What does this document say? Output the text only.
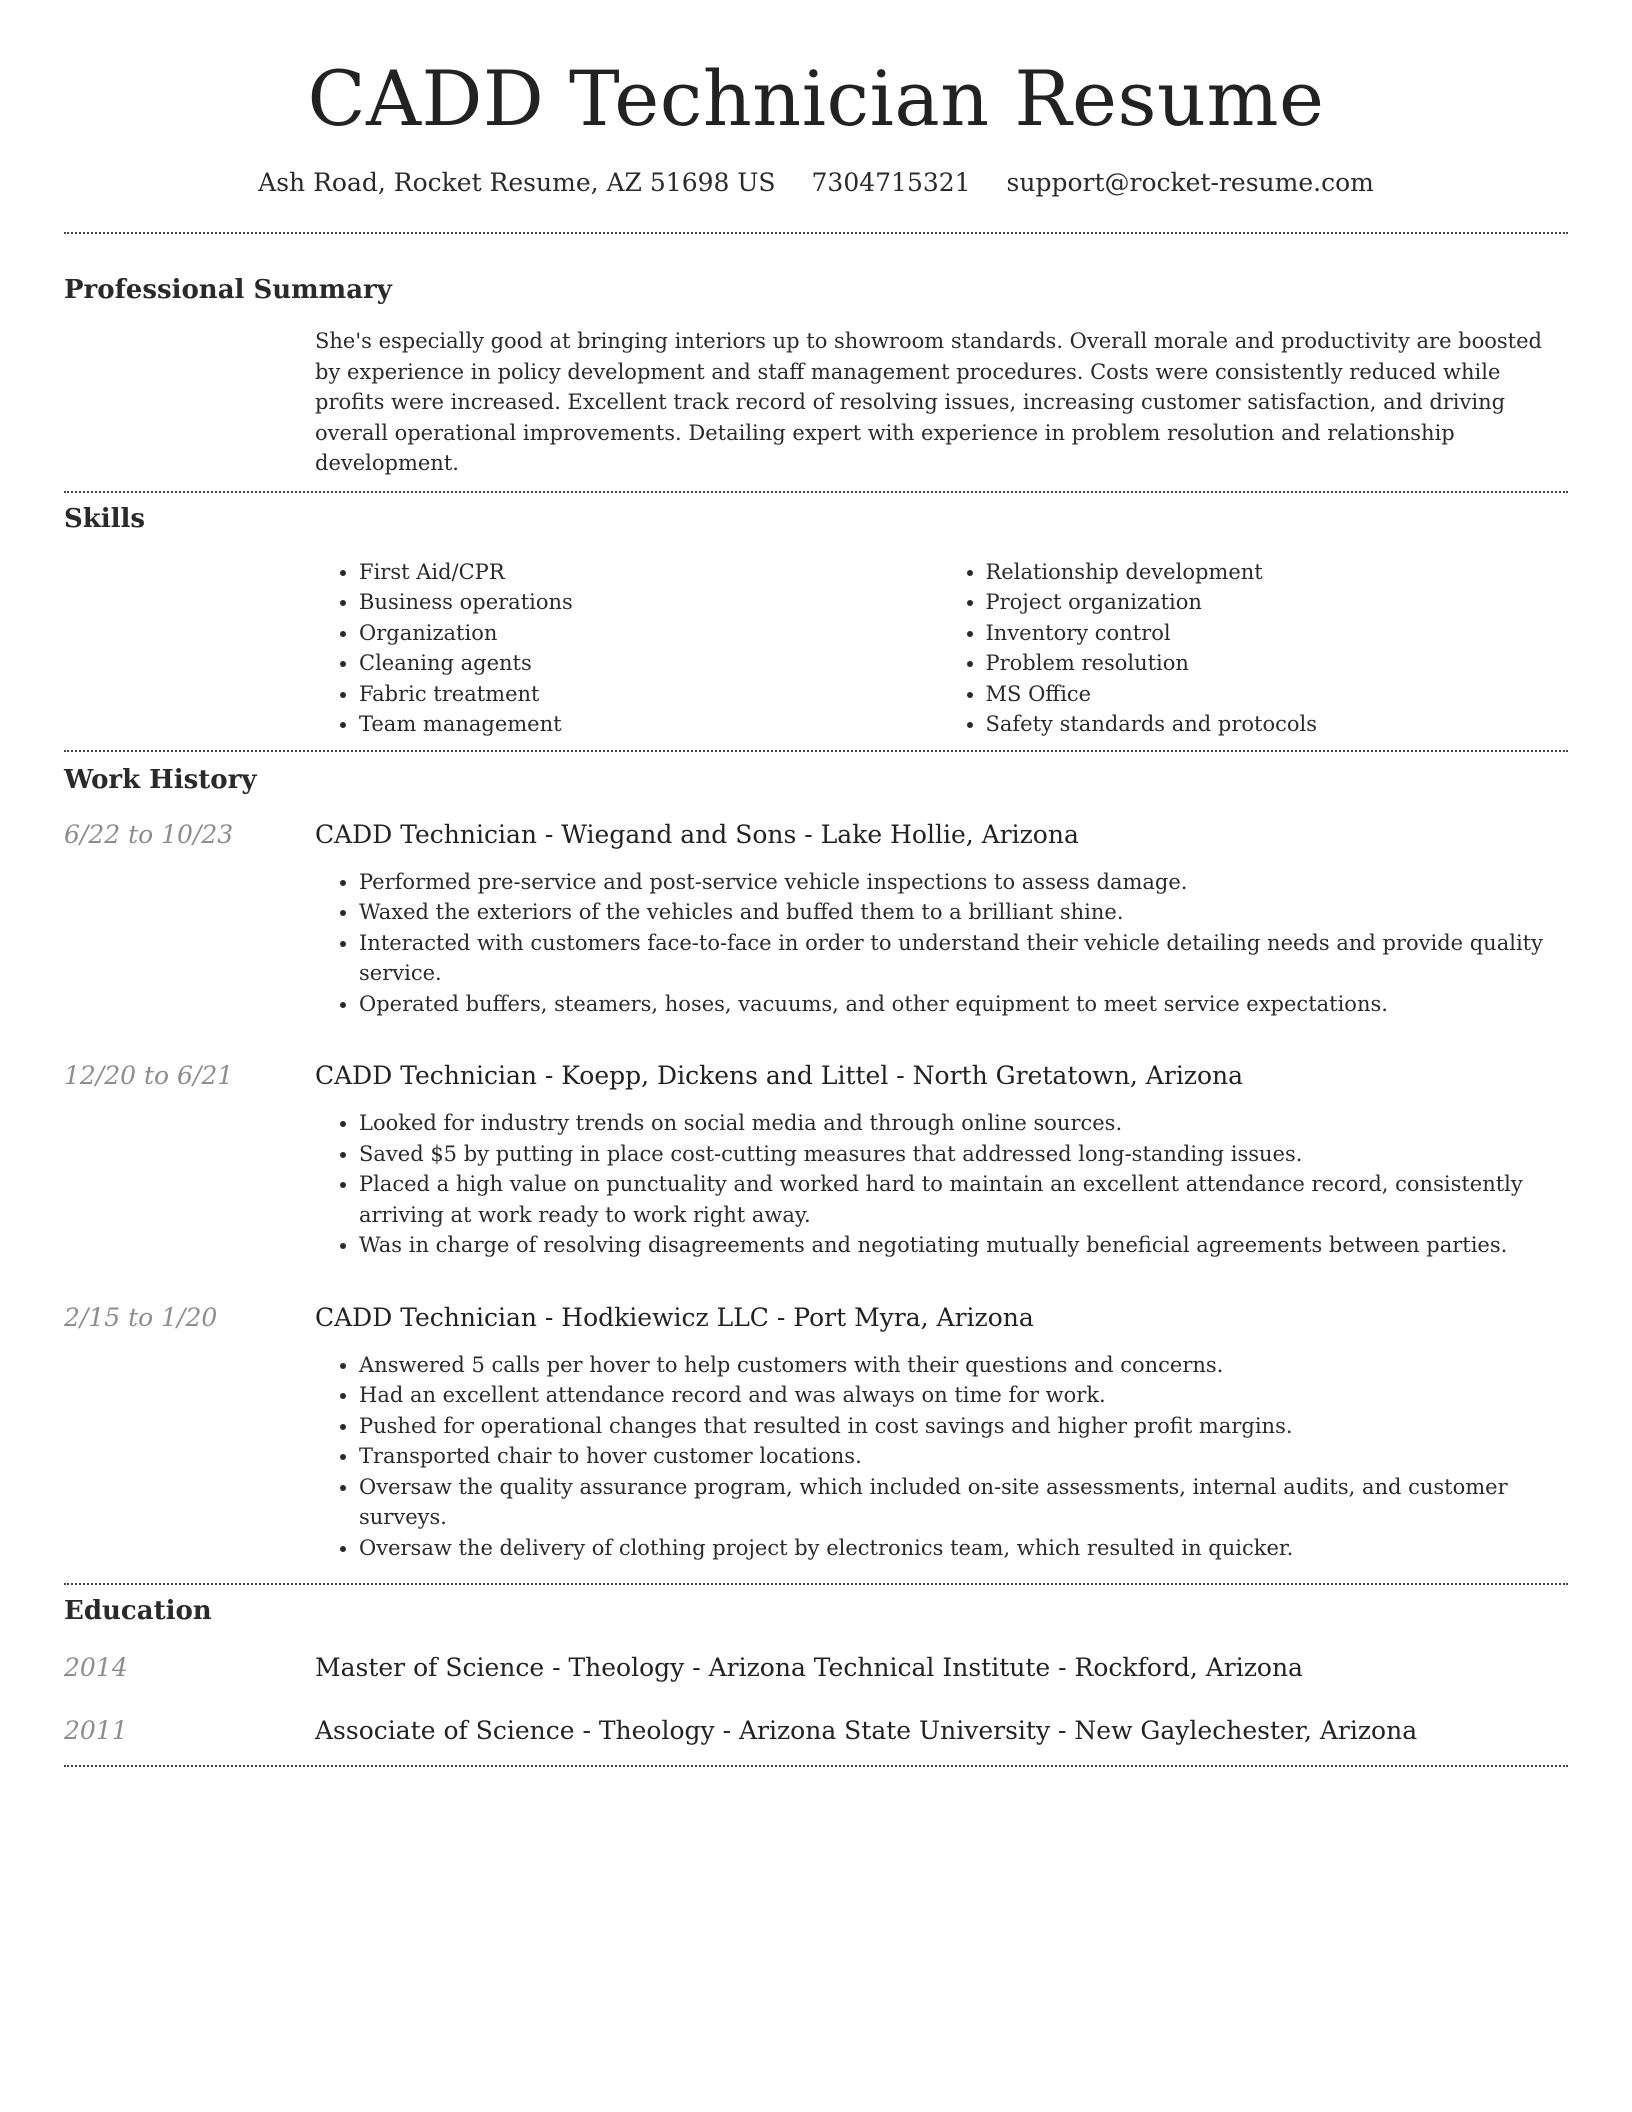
CADD Technician Resume
Ash Road, Rocket Resume, AZ 51698 US 7304715321 support@rocket-resume.com
Professional Summary

She's especially good at bringing interiors up to showroom standards. Overall morale and productivity are boosted by experience in policy development and staff management procedures. Costs were consistently reduced while profits were increased. Excellent track record of resolving issues, increasing customer satisfaction, and driving overall operational improvements. Detailing expert with experience in problem resolution and relationship development.

Skills
• First Aid/CPR
• Business operations
• Organization
• Cleaning agents
• Fabric treatment
• Team management
• Relationship development
• Project organization
• Inventory control
• Problem resolution
• MS Office
• Safety standards and protocols
Work History
6/22 to 10/23	CADD Technician - Wiegand and Sons - Lake Hollie, Arizona
• Performed pre-service and post-service vehicle inspections to assess damage.
• Waxed the exteriors of the vehicles and buffed them to a brilliant shine.
• Interacted with customers face-to-face in order to understand their vehicle detailing needs and provide quality service.
• Operated buffers, steamers, hoses, vacuums, and other equipment to meet service expectations.
12/20 to 6/21	CADD Technician - Koepp, Dickens and Littel - North Gretatown, Arizona
• Looked for industry trends on social media and through online sources.
• Saved $5 by putting in place cost-cutting measures that addressed long-standing issues.
• Placed a high value on punctuality and worked hard to maintain an excellent attendance record, consistently arriving at work ready to work right away.
• Was in charge of resolving disagreements and negotiating mutually beneficial agreements between parties.
2/15 to 1/20	CADD Technician - Hodkiewicz LLC - Port Myra, Arizona
• Answered 5 calls per hover to help customers with their questions and concerns.
• Had an excellent attendance record and was always on time for work.
• Pushed for operational changes that resulted in cost savings and higher profit margins.
• Transported chair to hover customer locations.
• Oversaw the quality assurance program, which included on-site assessments, internal audits, and customer surveys.
• Oversaw the delivery of clothing project by electronics team, which resulted in quicker.
Education
2014	Master of Science - Theology - Arizona Technical Institute - Rockford, Arizona
2011	Associate of Science - Theology - Arizona State University - New Gaylechester, Arizona
